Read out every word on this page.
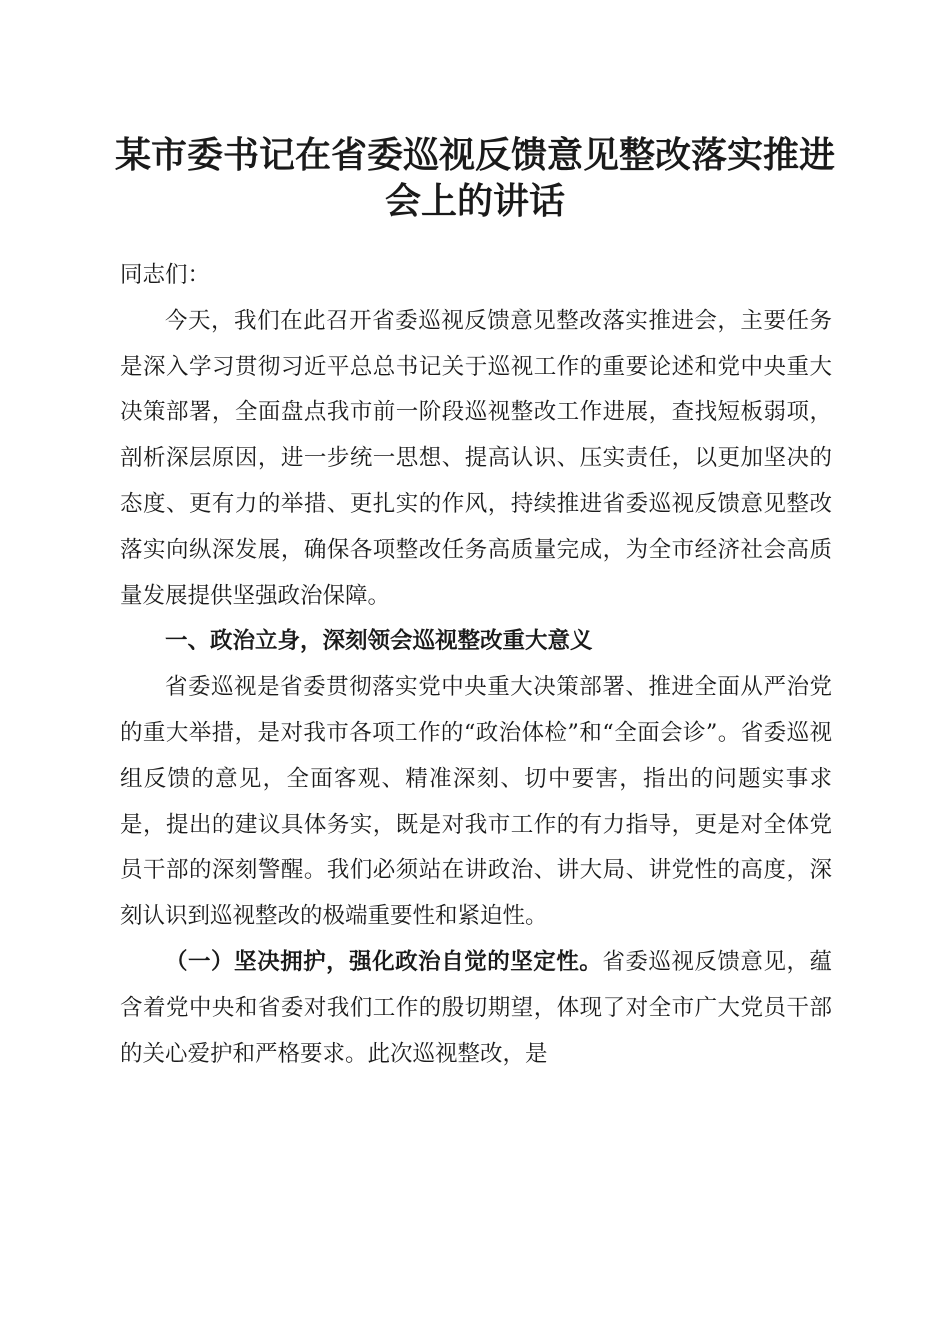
某市委书记在省委巡视反馈意见整改落实推进
会上的讲话

同志们：

今天，我们在此召开省委巡视反馈意见整改落实推进会，主要任务是深入学习贯彻习近平总总书记关于巡视工作的重要论述和党中央重大决策部署，全面盘点我市前一阶段巡视整改工作进展，查找短板弱项，剖析深层原因，进一步统一思想、提高认识、压实责任，以更加坚决的态度、更有力的举措、更扎实的作风，持续推进省委巡视反馈意见整改落实向纵深发展，确保各项整改任务高质量完成，为全市经济社会高质量发展提供坚强政治保障。

一、政治立身，深刻领会巡视整改重大意义

省委巡视是省委贯彻落实党中央重大决策部署、推进全面从严治党的重大举措，是对我市各项工作的“政治体检”和“全面会诊”。省委巡视组反馈的意见，全面客观、精准深刻、切中要害，指出的问题实事求是，提出的建议具体务实，既是对我市工作的有力指导，更是对全体党员干部的深刻警醒。我们必须站在讲政治、讲大局、讲党性的高度，深刻认识到巡视整改的极端重要性和紧迫性。

（一）坚决拥护，强化政治自觉的坚定性。省委巡视反馈意见，蕴含着党中央和省委对我们工作的殷切期望，体现了对全市广大党员干部的关心爱护和严格要求。此次巡视整改，是
